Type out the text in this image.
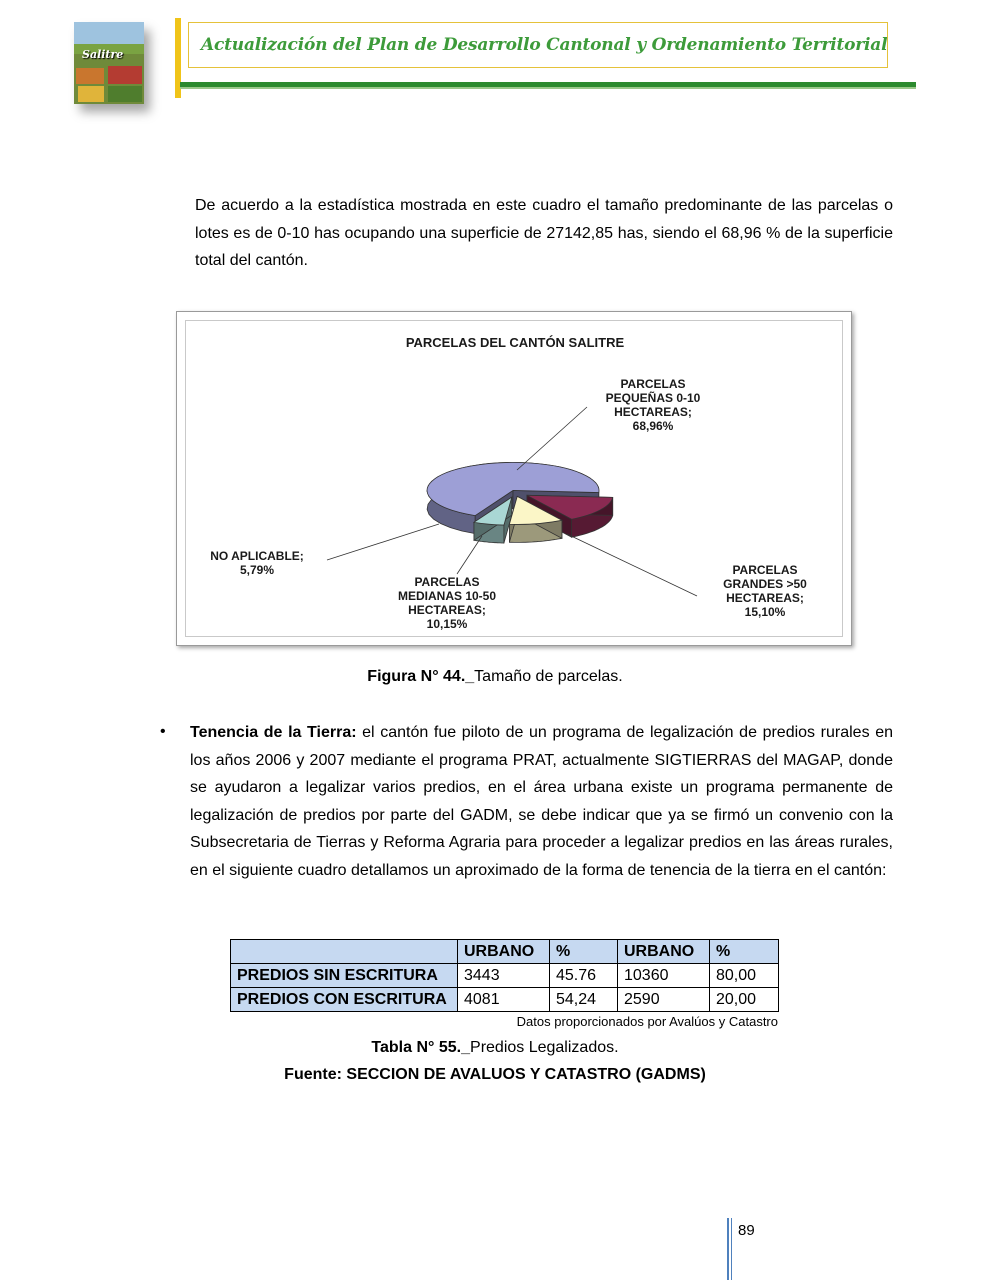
Salitre	Actualización del Plan de Desarrollo Cantonal y Ordenamiento Territorial
De acuerdo a la estadística mostrada en este cuadro el tamaño predominante de las parcelas o lotes es de 0-10 has ocupando una superficie de 27142,85 has, siendo el 68,96 % de la superficie total del cantón.
PARCELAS DEL CANTÓN SALITRE
PARCELAS PEQUEÑAS 0-10 HECTAREAS; 68,96%
PARCELAS GRANDES >50 HECTAREAS; 15,10%
PARCELAS MEDIANAS 10-50 HECTAREAS; 10,15%
NO APLICABLE; 5,79%
Figura N° 44._Tamaño de parcelas.
• Tenencia de la Tierra: el cantón fue piloto de un programa de legalización de predios rurales en los años 2006 y 2007 mediante el programa PRAT, actualmente SIGTIERRAS del MAGAP, donde se ayudaron a legalizar varios predios, en el área urbana existe un programa permanente de legalización de predios por parte del GADM, se debe indicar que ya se firmó un convenio con la Subsecretaria de Tierras y Reforma Agraria para proceder a legalizar predios en las áreas rurales, en el siguiente cuadro detallamos un aproximado de la forma de tenencia de la tierra en el cantón:
	URBANO	%	URBANO	%
PREDIOS SIN ESCRITURA	3443	45.76	10360	80,00
PREDIOS CON ESCRITURA	4081	54,24	2590	20,00
Datos proporcionados por Avalúos y Catastro
Tabla N° 55._Predios Legalizados.
Fuente: SECCION DE AVALUOS Y CATASTRO (GADMS)
89
